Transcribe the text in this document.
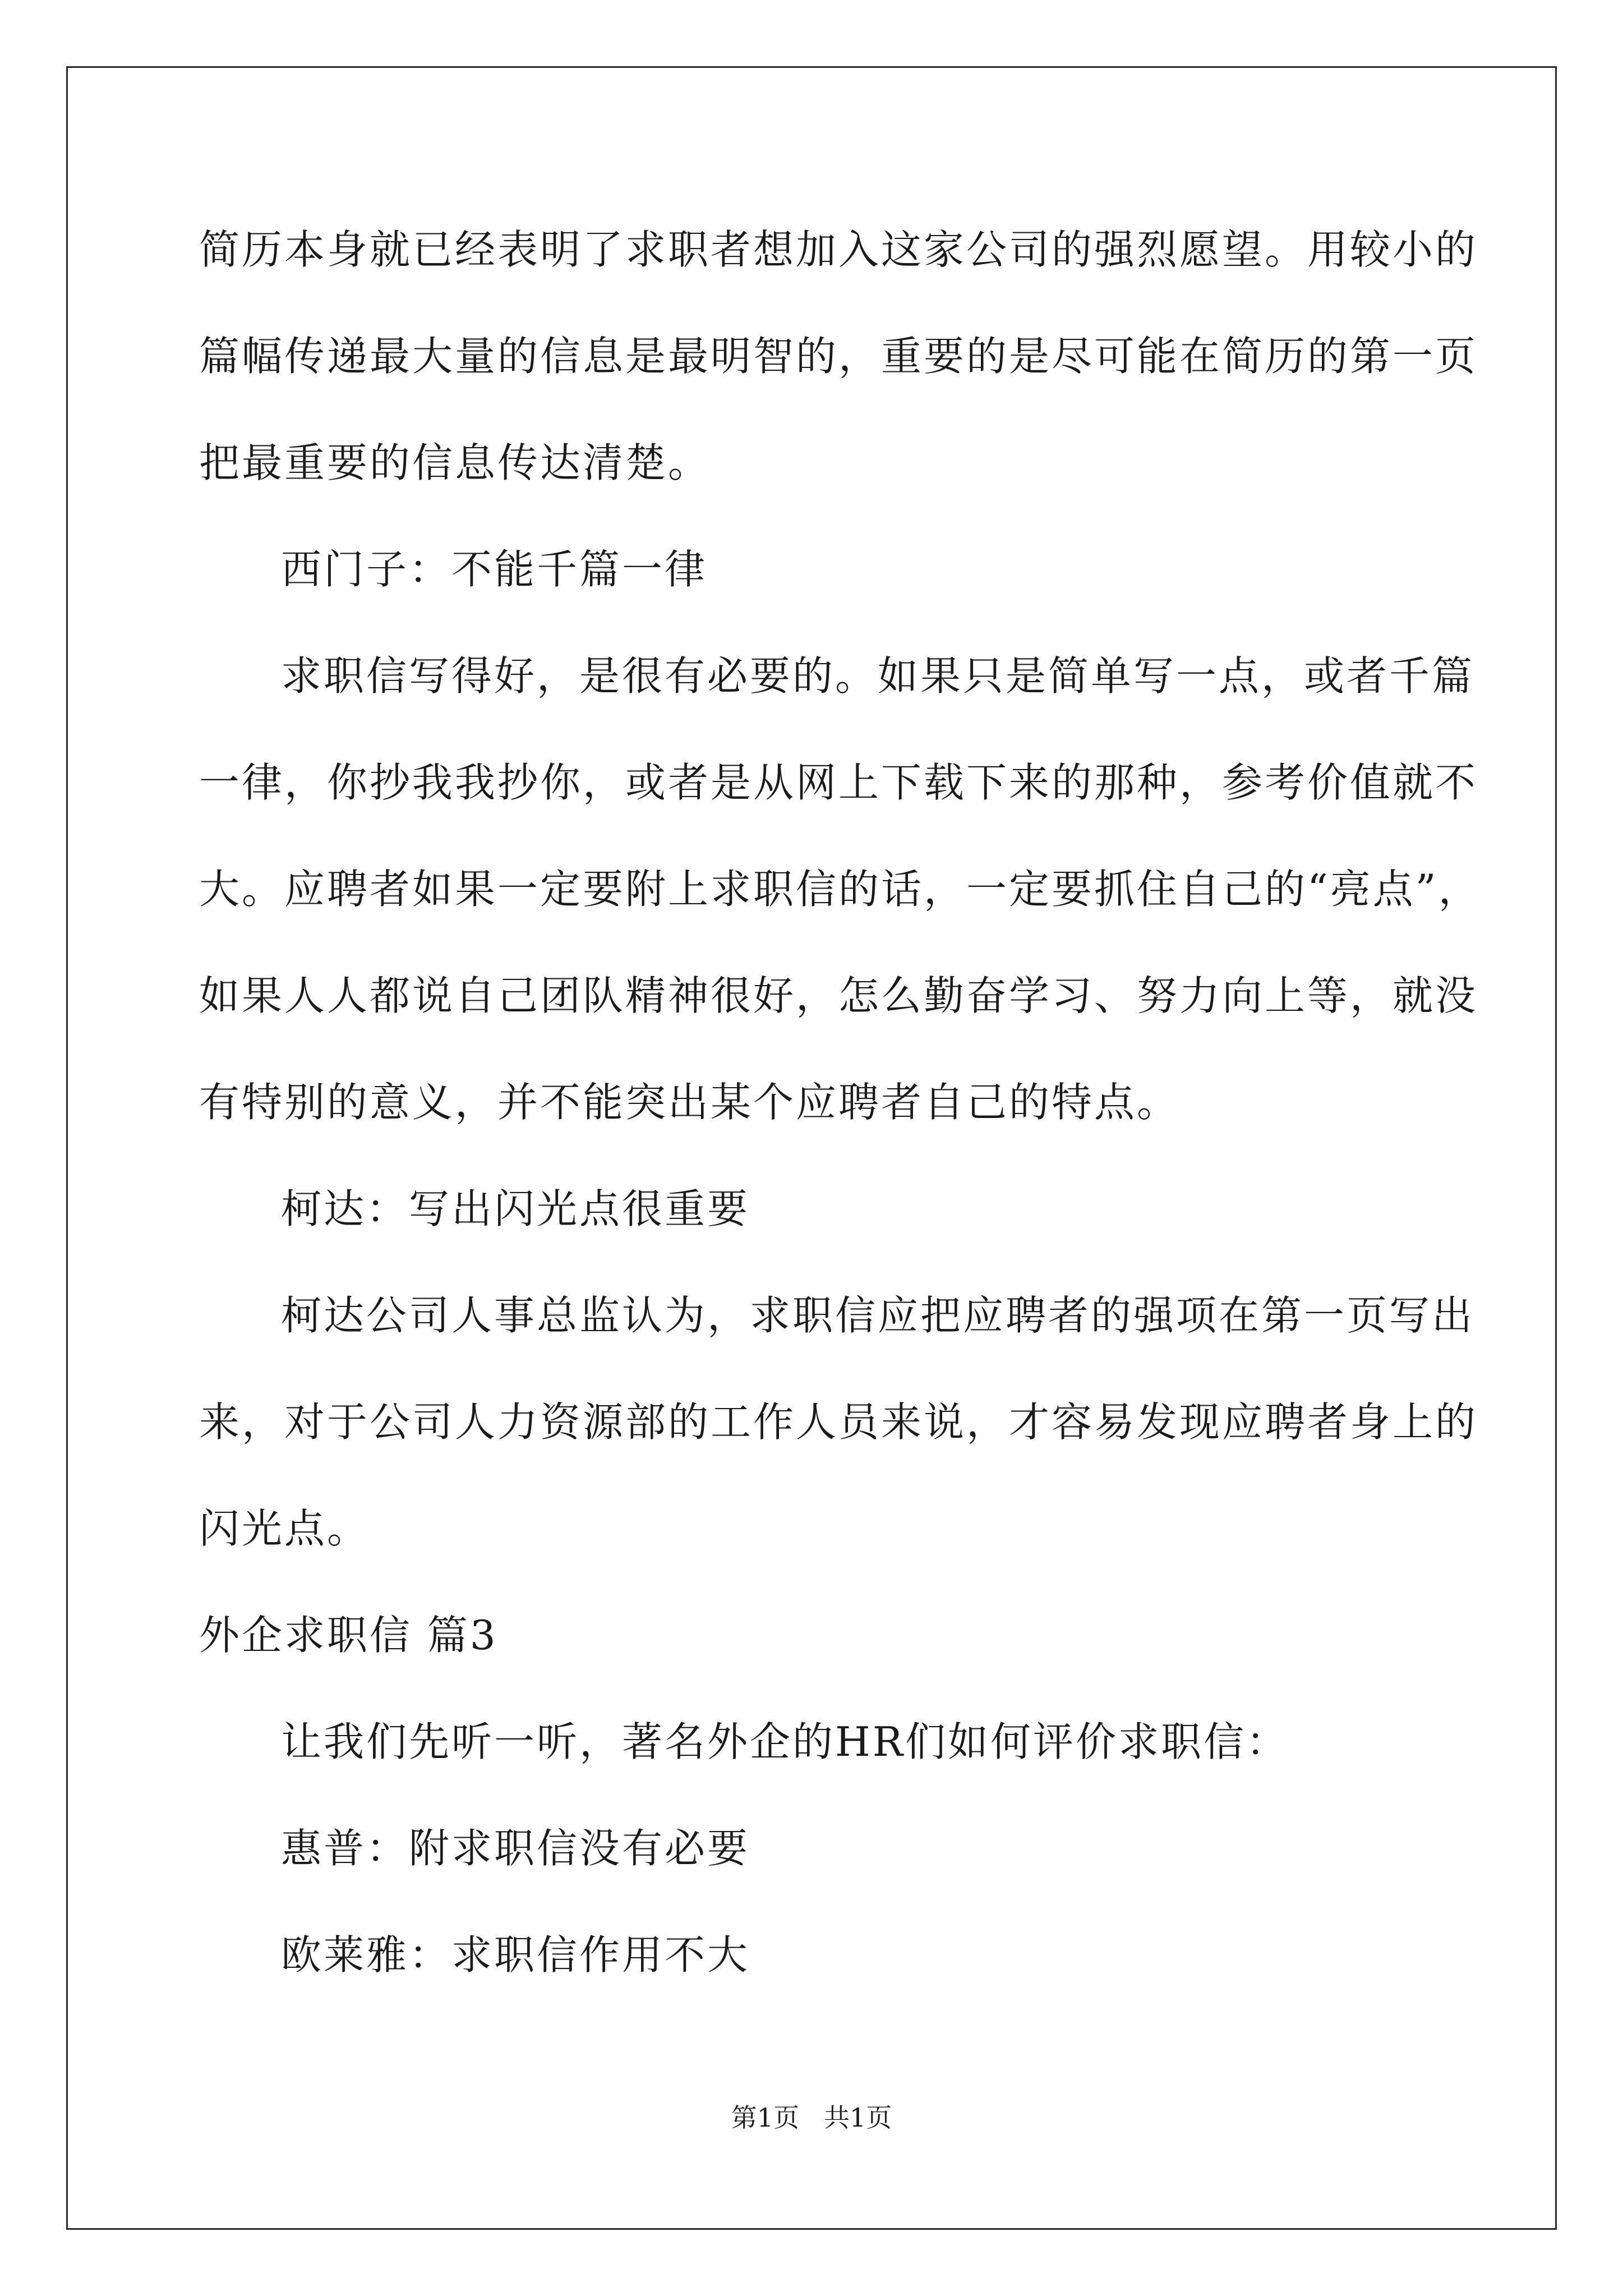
简历本身就已经表明了求职者想加入这家公司的强烈愿望。用较小的
篇幅传递最大量的信息是最明智的，重要的是尽可能在简历的第一页
把最重要的信息传达清楚。
西门子：不能千篇一律
求职信写得好，是很有必要的。如果只是简单写一点，或者千篇
一律，你抄我我抄你，或者是从网上下载下来的那种，参考价值就不
大。应聘者如果一定要附上求职信的话，一定要抓住自己的“亮点”，
如果人人都说自己团队精神很好，怎么勤奋学习、努力向上等，就没
有特别的意义，并不能突出某个应聘者自己的特点。
柯达：写出闪光点很重要
柯达公司人事总监认为，求职信应把应聘者的强项在第一页写出
来，对于公司人力资源部的工作人员来说，才容易发现应聘者身上的
闪光点。
外企求职信 篇3
让我们先听一听，著名外企的HR们如何评价求职信：
惠普：附求职信没有必要
欧莱雅：求职信作用不大
第1页   共1页
